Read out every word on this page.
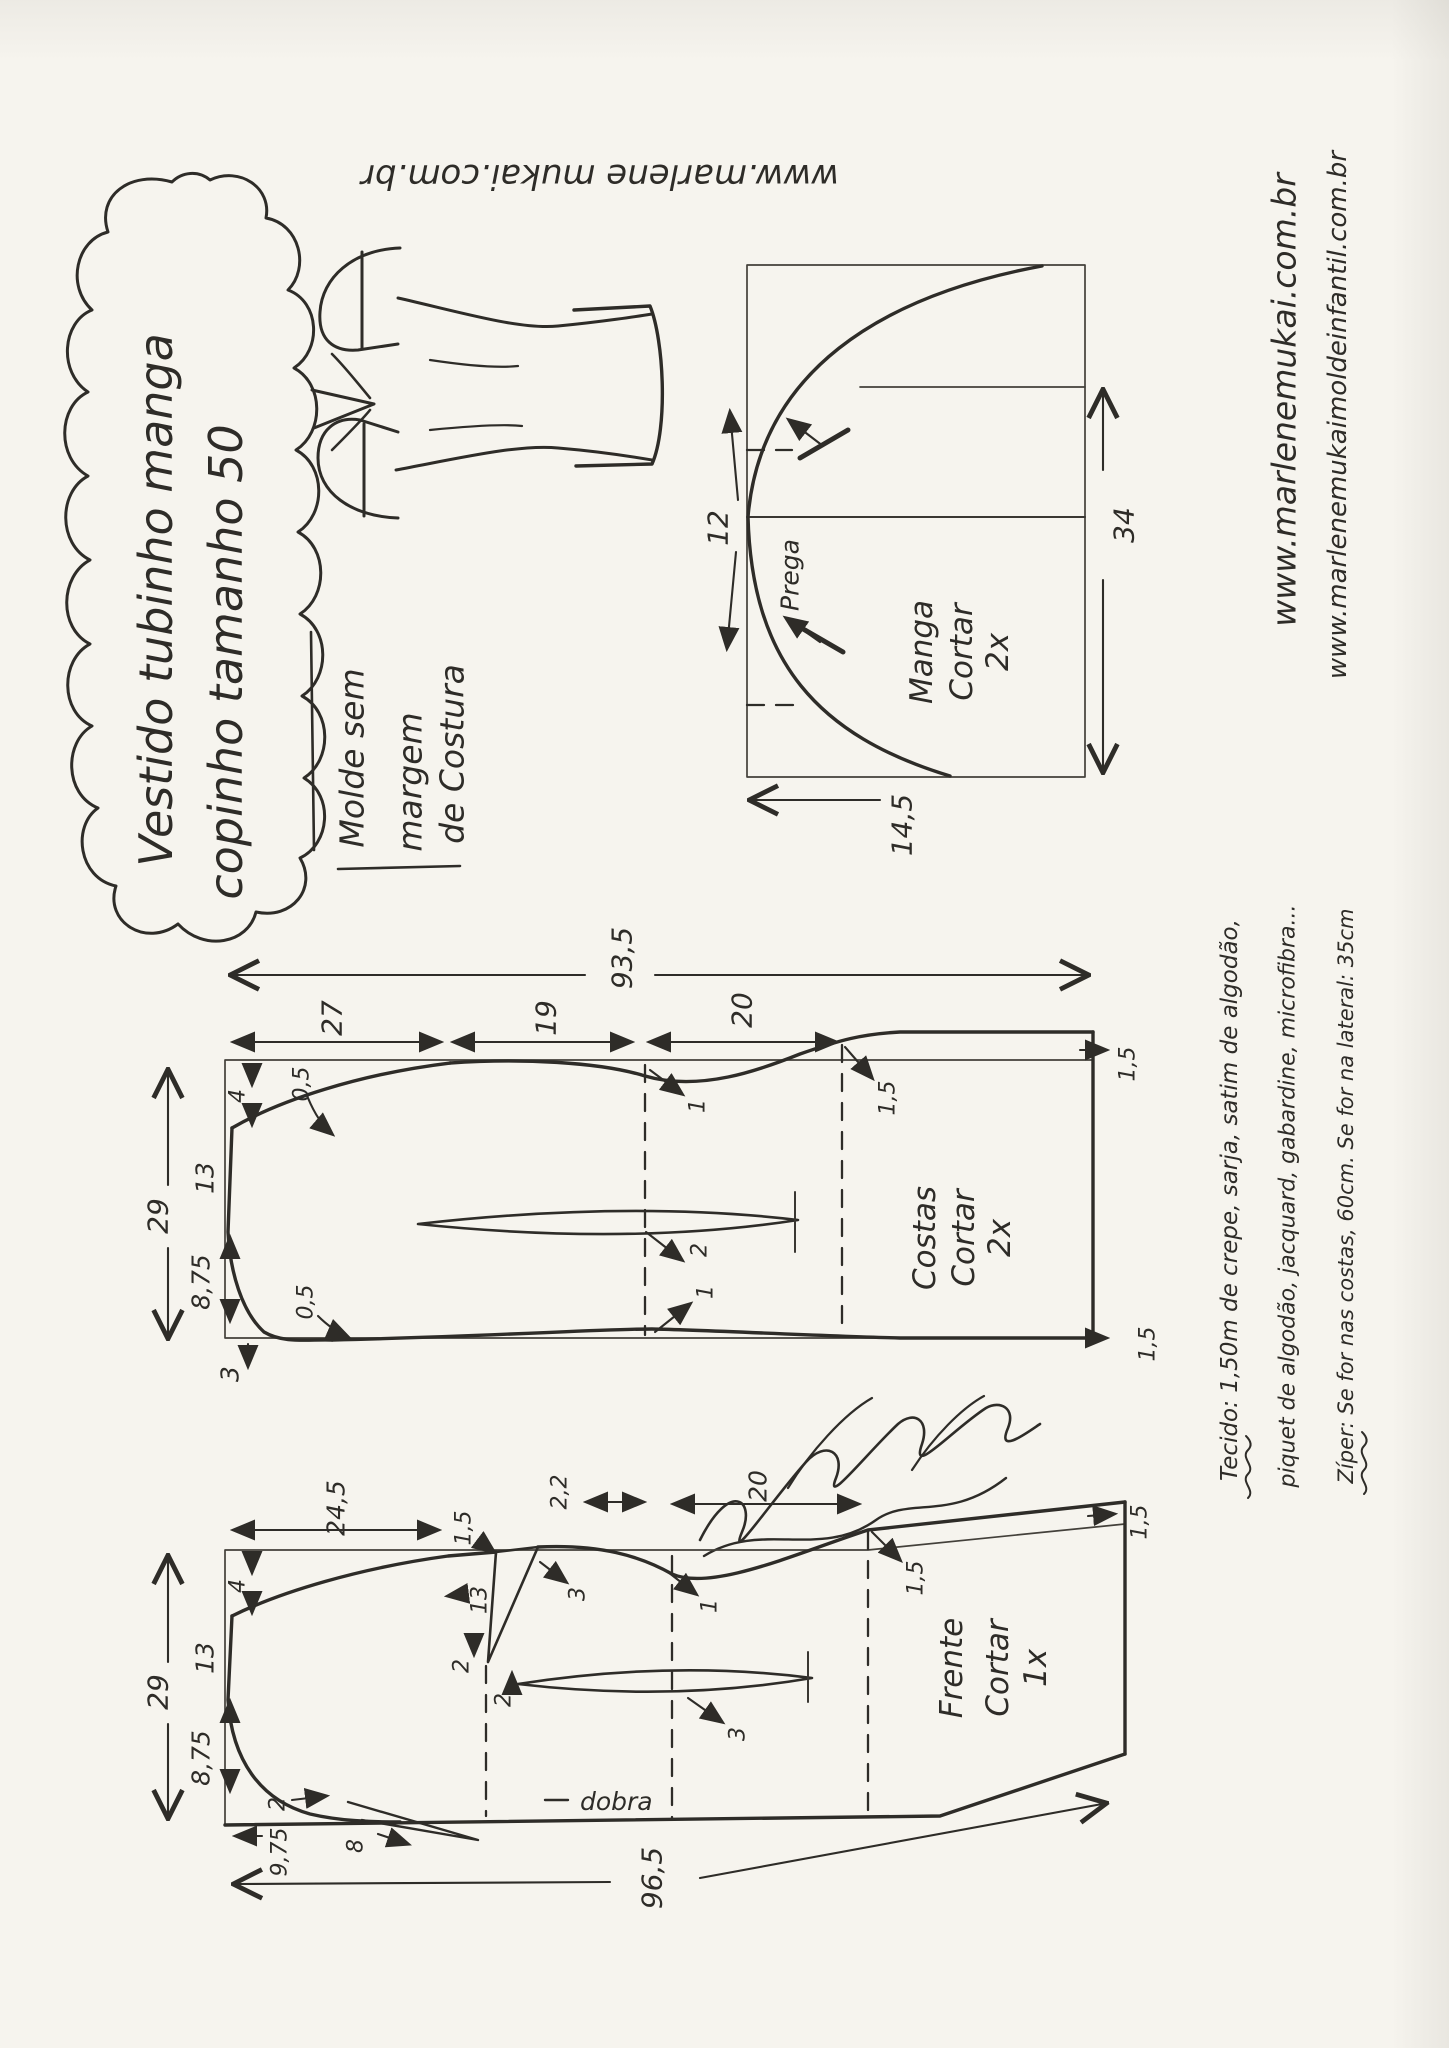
Vestido tubinho manga copinho tamanho 50
www.marlene mukai.com.br
12	34
14,5
Prega
Manga Cortar 2x
Molde sem margem de Costura
www.marlenemukai.com.br www.marlenemukaimoldeinfantil.com.br
93,5
27	19	20
29
4
13
8,75
3
0,5
0,5
1	1,5
2
1
1,5
1,5
Costas Cortar 2x
24,5	2,2	20
96,5
29
4
13
8,75
9,75 8
2
1,5
13
2
2
3
1
1,5
1,5
3
dobra
Frente Cortar 1x
Tecido: 1,50m de crepe, sarja, satim de algodão, piquet de algodão, jacquard, gabardine, microfibra... Zíper: Se for nas costas, 60cm. Se for na lateral: 35cm
